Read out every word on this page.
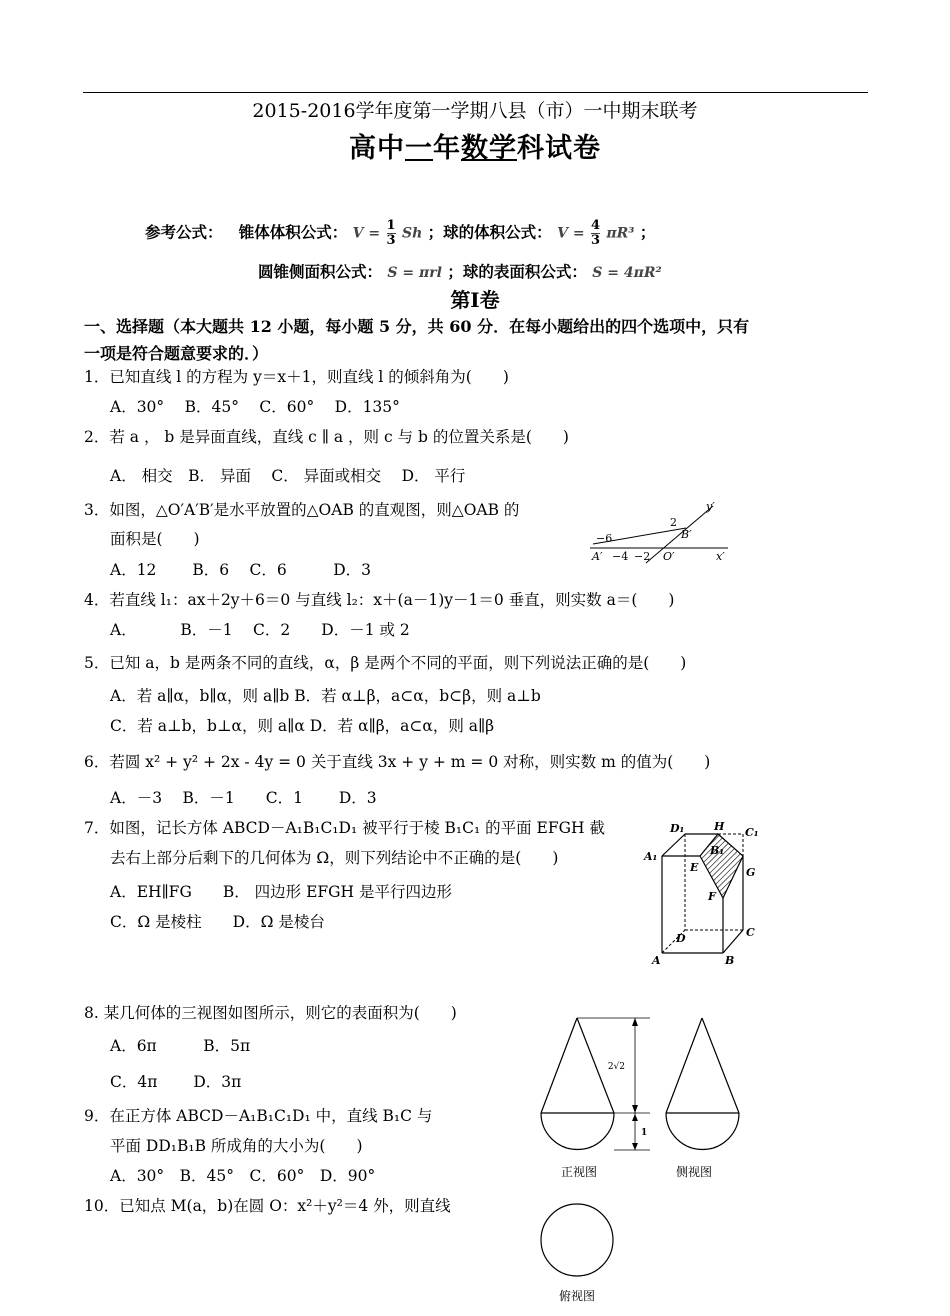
2015-2016学年度第一学期八县（市）一中期末联考
高中一年数学科试卷
参考公式： 锥体体积公式： $V = \frac{1}{3}$ Sh ；球的体积公式： $V = \frac{4}{3} \pi R^3$ ；
圆锥侧面积公式： S = πrl ；球的表面积公式： S = 4πR²
第Ⅰ卷
一、选择题（本大题共 12 小题，每小题 5 分，共 60 分．在每小题给出的四个选项中，只有
一项是符合题意要求的．）
1．已知直线 l 的方程为 y＝x＋1，则直线 l 的倾斜角为(　　)
A．30°　 B．45°　 C．60°　 D．135°
2．若 a ， b 是异面直线，直线 c ∥ a ，则 c 与 b 的位置关系是(　　)
A． 相交　B． 异面　 C． 异面或相交　 D． 平行
3．如图，△O′A′B′是水平放置的△OAB 的直观图，则△OAB 的
面积是(　　)
A．12　　 B．6　 C．6　　　D．3
4．若直线 l₁：ax＋2y＋6＝0 与直线 l₂：x＋(a－1)y－1＝0 垂直，则实数 a＝(　　)
A．　　　 B．－1　 C．2　　D．－1 或 2
5．已知 a，b 是两条不同的直线，α，β 是两个不同的平面，则下列说法正确的是(　　)
A．若 a∥α，b∥α，则 a∥b B．若 α⊥β，a⊂α，b⊂β，则 a⊥b
C．若 a⊥b，b⊥α，则 a∥α D．若 α∥β，a⊂α，则 a∥β
6．若圆 x² + y² + 2x - 4y = 0 关于直线 3x + y + m = 0 对称，则实数 m 的值为(　　)
A．－3　 B．－1　　C．1　　 D．3
7．如图，记长方体 ABCD－A₁B₁C₁D₁ 被平行于棱 B₁C₁ 的平面 EFGH 截
去右上部分后剩下的几何体为 Ω，则下列结论中不正确的是(　　)
A．EH∥FG　　B． 四边形 EFGH 是平行四边形
C．Ω 是棱柱　　D．Ω 是棱台
8. 某几何体的三视图如图所示，则它的表面积为(　　)
A．6π　　　B．5π
C．4π　　 D．3π
9．在正方体 ABCD－A₁B₁C₁D₁ 中，直线 B₁C 与
平面 DD₁B₁B 所成角的大小为(　　)
A．30°　B．45°　C．60°　D．90°
10．已知点 M(a，b)在圆 O：x²＋y²＝4 外，则直线
y′
x′
2
−6	B′
A′ −4 −2 O′
D₁	H C₁
A₁	B₁
E	G
F
D	C
A	B
2√2
1
正视图	侧视图
俯视图
